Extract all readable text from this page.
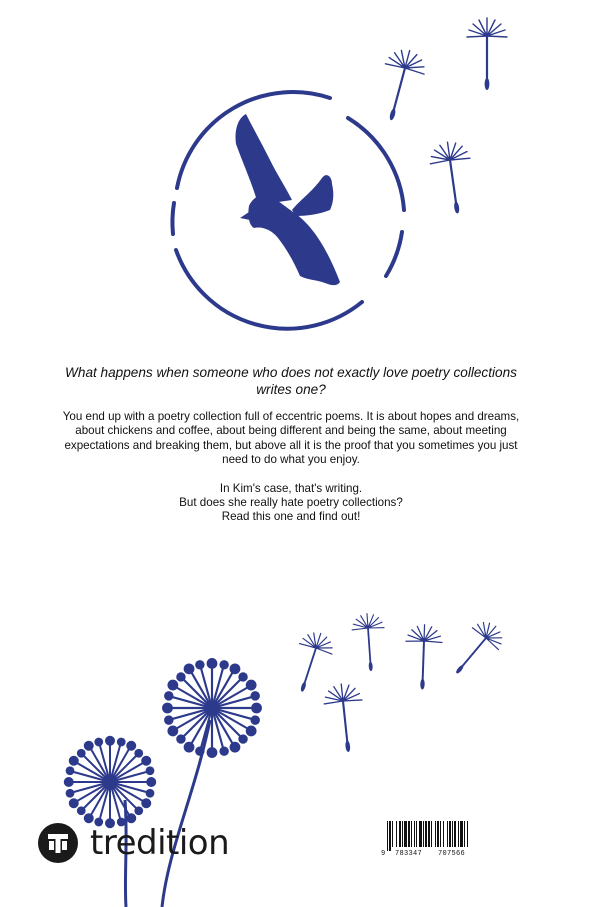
What happens when someone who does not exactly love poetry collections writes one?

You end up with a poetry collection full of eccentric poems. It is about hopes and dreams, about chickens and coffee, about being different and being the same, about meeting expectations and breaking them, but above all it is the proof that you sometimes you just need to do what you enjoy.

In Kim's case, that's writing.

But does she really hate poetry collections?

Read this one and find out!

tredition	9 783347 707566
